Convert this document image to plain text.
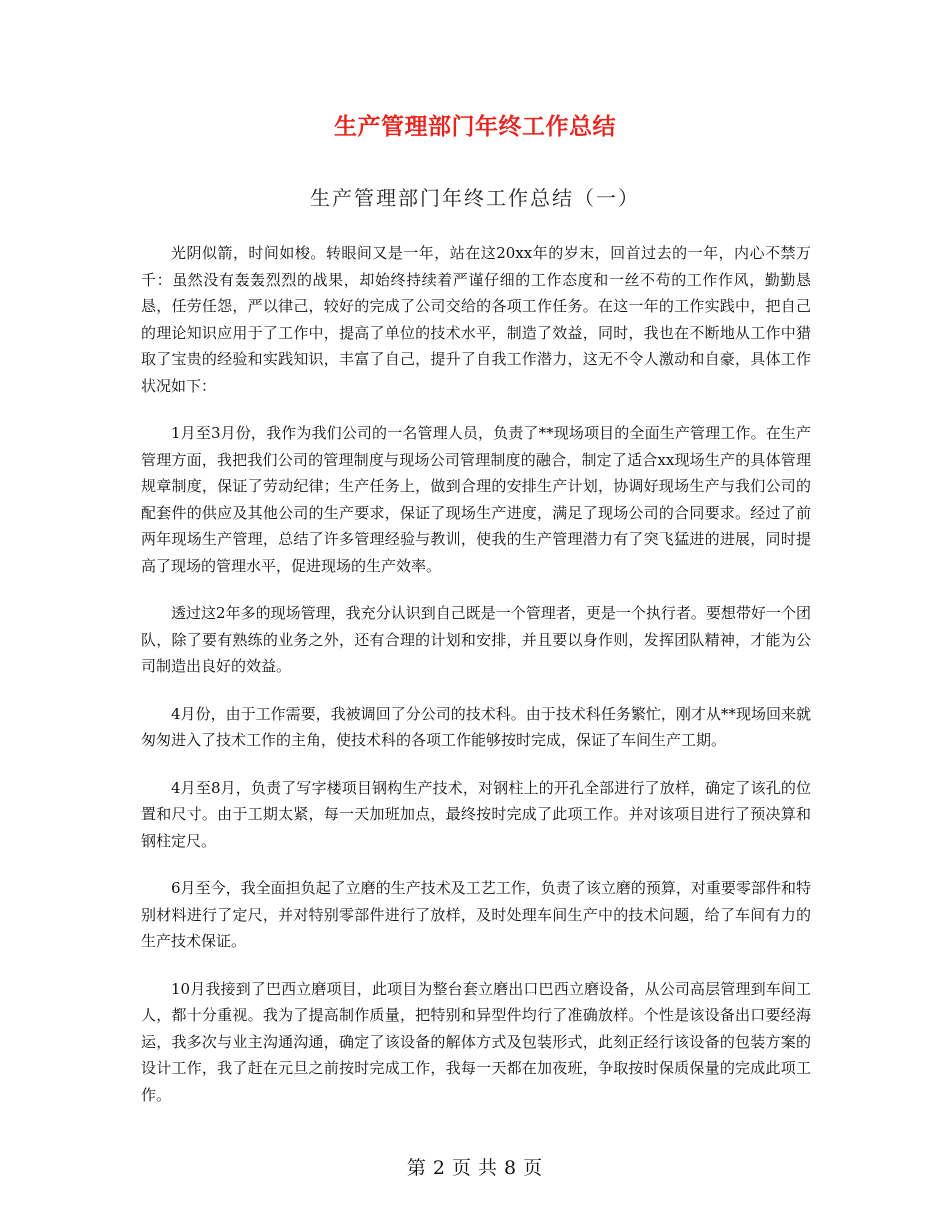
生产管理部门年终工作总结
生产管理部门年终工作总结（一）

光阴似箭，时间如梭。转眼间又是一年，站在这20xx年的岁末，回首过去的一年，内心不禁万千：虽然没有轰轰烈烈的战果，却始终持续着严谨仔细的工作态度和一丝不苟的工作作风，勤勤恳恳，任劳任怨，严以律己，较好的完成了公司交给的各项工作任务。在这一年的工作实践中，把自己的理论知识应用于了工作中，提高了单位的技术水平，制造了效益，同时，我也在不断地从工作中猎取了宝贵的经验和实践知识，丰富了自己，提升了自我工作潜力，这无不令人激动和自豪，具体工作状况如下：

1月至3月份，我作为我们公司的一名管理人员，负责了**现场项目的全面生产管理工作。在生产管理方面，我把我们公司的管理制度与现场公司管理制度的融合，制定了适合xx现场生产的具体管理规章制度，保证了劳动纪律；生产任务上，做到合理的安排生产计划，协调好现场生产与我们公司的配套件的供应及其他公司的生产要求，保证了现场生产进度，满足了现场公司的合同要求。经过了前两年现场生产管理，总结了许多管理经验与教训，使我的生产管理潜力有了突飞猛进的进展，同时提高了现场的管理水平，促进现场的生产效率。

透过这2年多的现场管理，我充分认识到自己既是一个管理者，更是一个执行者。要想带好一个团队，除了要有熟练的业务之外，还有合理的计划和安排，并且要以身作则，发挥团队精神，才能为公司制造出良好的效益。

4月份，由于工作需要，我被调回了分公司的技术科。由于技术科任务繁忙，刚才从**现场回来就匆匆进入了技术工作的主角，使技术科的各项工作能够按时完成，保证了车间生产工期。

4月至8月，负责了写字楼项目钢构生产技术，对钢柱上的开孔全部进行了放样，确定了该孔的位置和尺寸。由于工期太紧，每一天加班加点，最终按时完成了此项工作。并对该项目进行了预决算和钢柱定尺。

6月至今，我全面担负起了立磨的生产技术及工艺工作，负责了该立磨的预算，对重要零部件和特别材料进行了定尺，并对特别零部件进行了放样，及时处理车间生产中的技术问题，给了车间有力的生产技术保证。

10月我接到了巴西立磨项目，此项目为整台套立磨出口巴西立磨设备，从公司高层管理到车间工人，都十分重视。我为了提高制作质量，把特别和异型件均行了准确放样。个性是该设备出口要经海运，我多次与业主沟通沟通，确定了该设备的解体方式及包装形式，此刻正经行该设备的包装方案的设计工作，我了赶在元旦之前按时完成工作，我每一天都在加夜班，争取按时保质保量的完成此项工作。

第 2 页 共 8 页
